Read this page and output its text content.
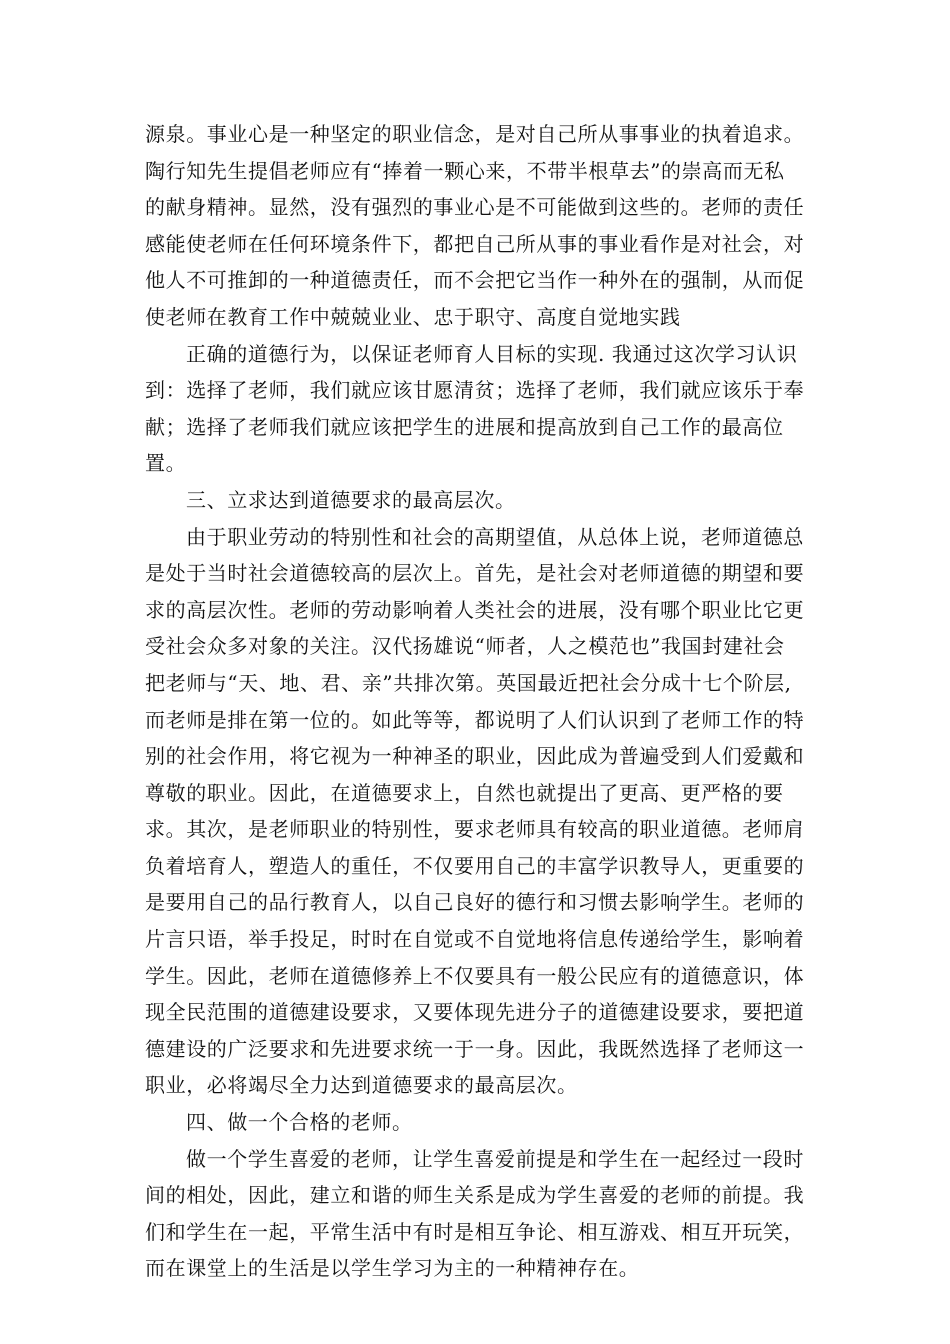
源泉。事业心是一种坚定的职业信念，是对自己所从事事业的执着追求。陶行知先生提倡老师应有“捧着一颗心来，不带半根草去”的崇高而无私的献身精神。显然，没有强烈的事业心是不可能做到这些的。老师的责任感能使老师在任何环境条件下，都把自己所从事的事业看作是对社会，对他人不可推卸的一种道德责任，而不会把它当作一种外在的强制，从而促使老师在教育工作中兢兢业业、忠于职守、高度自觉地实践

正确的道德行为，以保证老师育人目标的实现. 我通过这次学习认识到：选择了老师，我们就应该甘愿清贫；选择了老师，我们就应该乐于奉献；选择了老师我们就应该把学生的进展和提高放到自己工作的最高位置。

三、立求达到道德要求的最高层次。

由于职业劳动的特别性和社会的高期望值，从总体上说，老师道德总是处于当时社会道德较高的层次上。首先，是社会对老师道德的期望和要求的高层次性。老师的劳动影响着人类社会的进展，没有哪个职业比它更受社会众多对象的关注。汉代扬雄说“师者，人之模范也”我国封建社会把老师与“天、地、君、亲”共排次第。英国最近把社会分成十七个阶层,而老师是排在第一位的。如此等等，都说明了人们认识到了老师工作的特别的社会作用，将它视为一种神圣的职业，因此成为普遍受到人们爱戴和尊敬的职业。因此，在道德要求上，自然也就提出了更高、更严格的要求。其次，是老师职业的特别性，要求老师具有较高的职业道德。老师肩负着培育人，塑造人的重任，不仅要用自己的丰富学识教导人，更重要的是要用自己的品行教育人，以自己良好的德行和习惯去影响学生。老师的片言只语，举手投足，时时在自觉或不自觉地将信息传递给学生，影响着学生。因此，老师在道德修养上不仅要具有一般公民应有的道德意识，体现全民范围的道德建设要求，又要体现先进分子的道德建设要求，要把道德建设的广泛要求和先进要求统一于一身。因此，我既然选择了老师这一职业，必将竭尽全力达到道德要求的最高层次。

四、做一个合格的老师。

做一个学生喜爱的老师，让学生喜爱前提是和学生在一起经过一段时间的相处，因此，建立和谐的师生关系是成为学生喜爱的老师的前提。我们和学生在一起，平常生活中有时是相互争论、相互游戏、相互开玩笑，而在课堂上的生活是以学生学习为主的一种精神存在。
